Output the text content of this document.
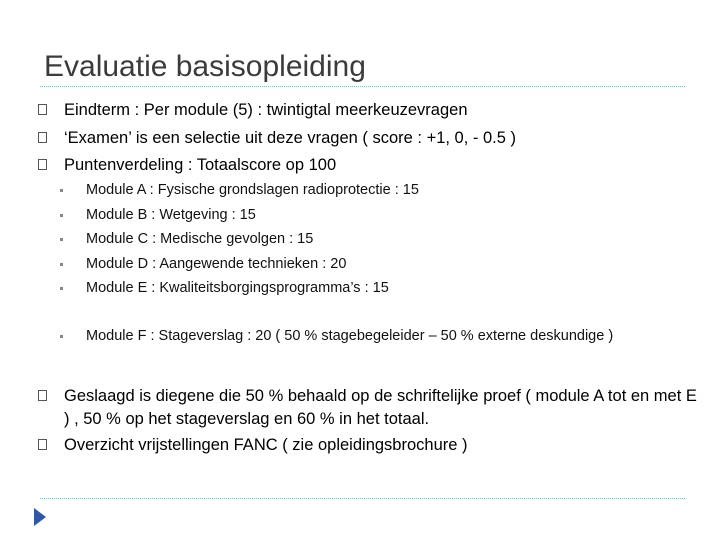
Evaluatie basisopleiding
Eindterm : Per module (5) : twintigtal meerkeuzevragen
‘Examen’ is een selectie uit deze vragen ( score : +1, 0, - 0.5 )
Puntenverdeling : Totaalscore op 100
Module A : Fysische grondslagen radioprotectie : 15
Module B : Wetgeving : 15
Module C : Medische gevolgen : 15
Module D : Aangewende technieken : 20
Module E : Kwaliteitsborgingsprogramma’s : 15
Module F : Stageverslag : 20 ( 50 % stagebegeleider – 50 % externe deskundige )
Geslaagd is diegene die 50 % behaald op de schriftelijke proef ( module A tot en met E ) , 50 % op het stageverslag en 60 % in het totaal.
Overzicht vrijstellingen FANC ( zie opleidingsbrochure )
